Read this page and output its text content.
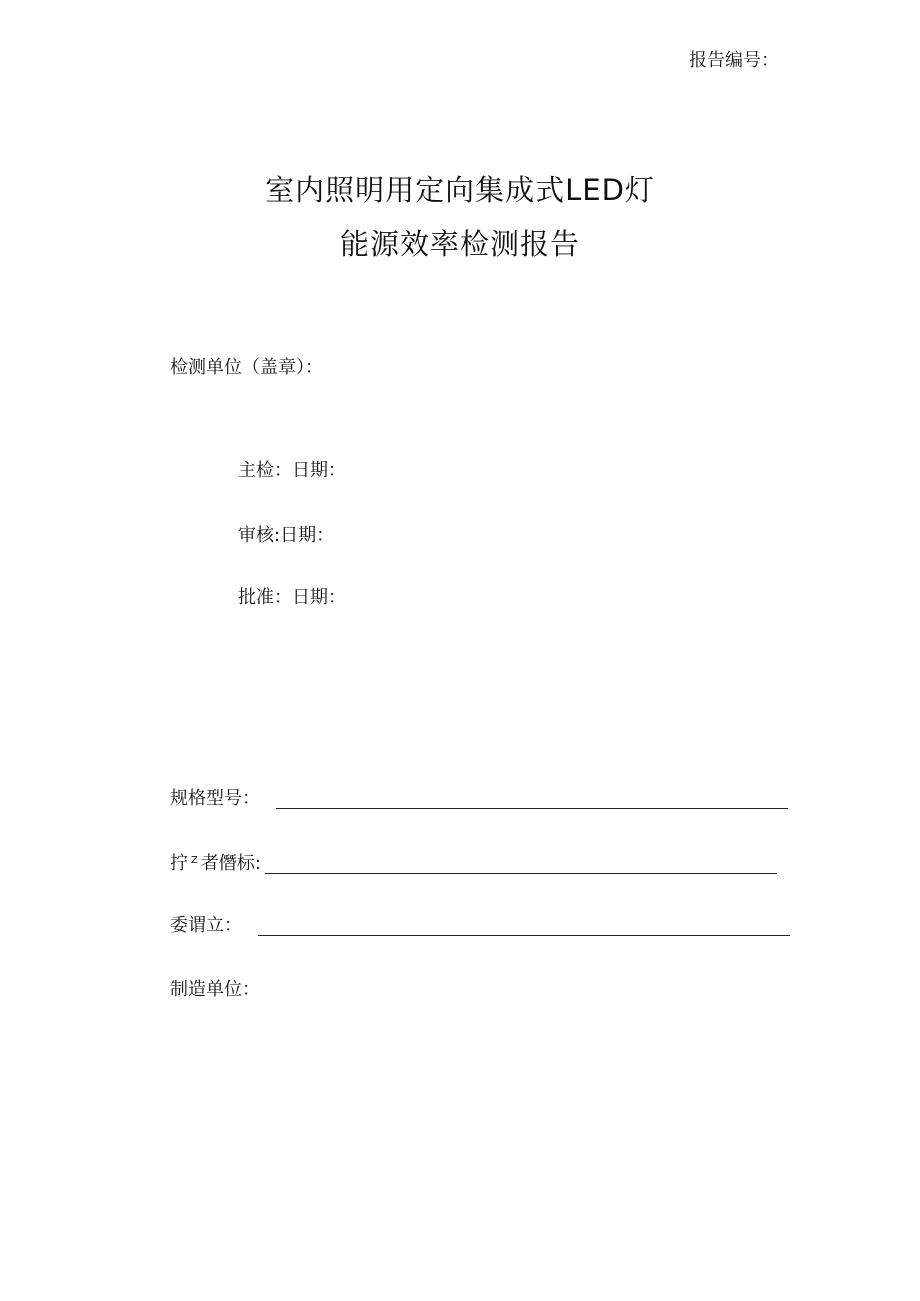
报告编号：
室内照明用定向集成式LED灯
能源效率检测报告
检测单位（盖章）：
主检：日期：
审核:日期：
批准：日期：
规格型号：
拧 $^Z$ 者僭标:
委谓立：
制造单位：
